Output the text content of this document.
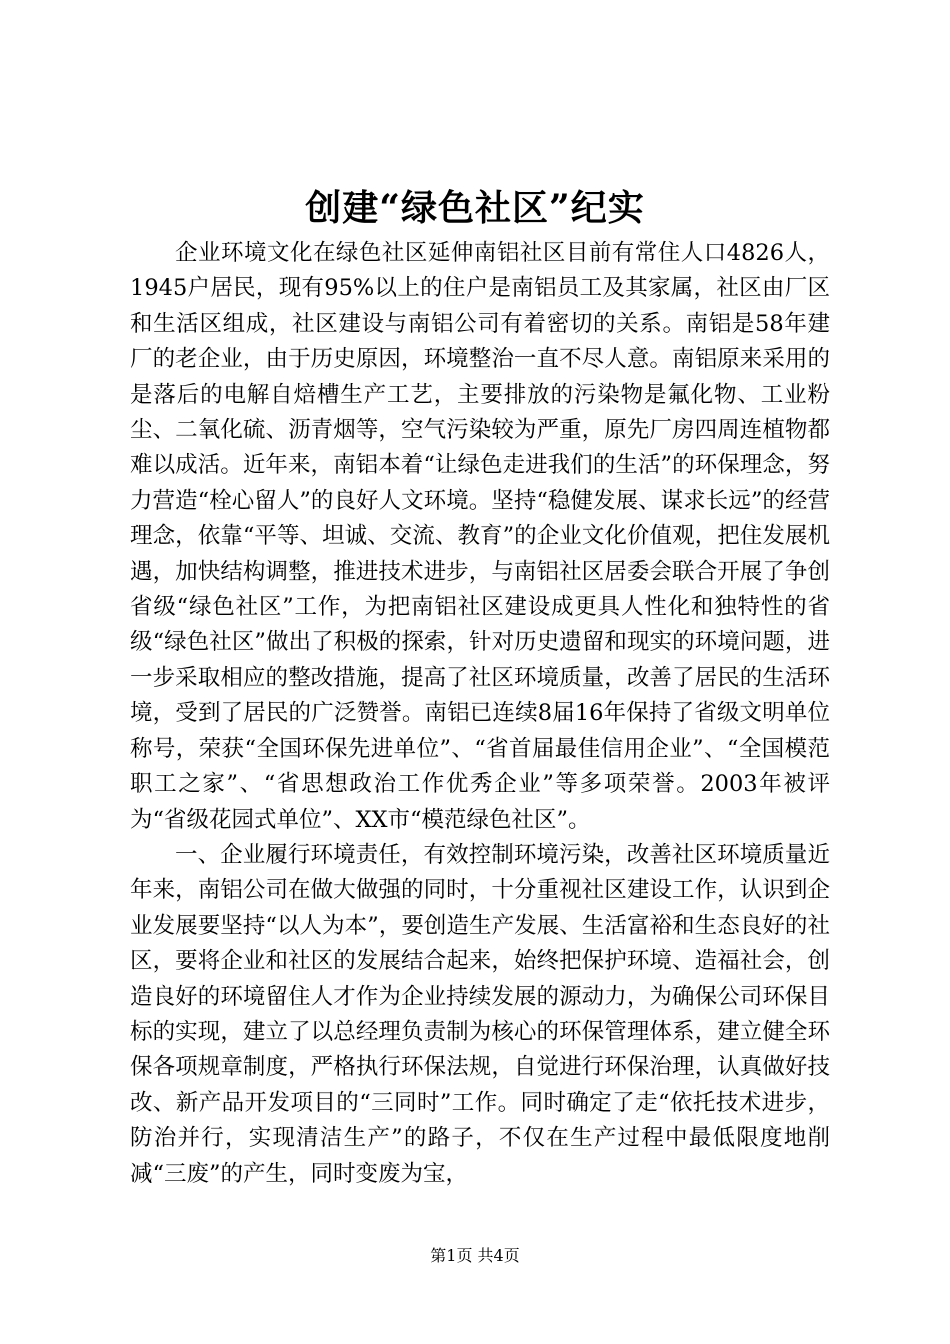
创建“绿色社区”纪实

企业环境文化在绿色社区延伸南铝社区目前有常住人口4826人，1945户居民，现有95%以上的住户是南铝员工及其家属，社区由厂区和生活区组成，社区建设与南铝公司有着密切的关系。南铝是58年建厂的老企业，由于历史原因，环境整治一直不尽人意。南铝原来采用的是落后的电解自焙槽生产工艺，主要排放的污染物是氟化物、工业粉尘、二氧化硫、沥青烟等，空气污染较为严重，原先厂房四周连植物都难以成活。近年来，南铝本着“让绿色走进我们的生活”的环保理念，努力营造“栓心留人”的良好人文环境。坚持“稳健发展、谋求长远”的经营理念，依靠“平等、坦诚、交流、教育”的企业文化价值观，把住发展机遇，加快结构调整，推进技术进步，与南铝社区居委会联合开展了争创省级“绿色社区”工作，为把南铝社区建设成更具人性化和独特性的省级“绿色社区”做出了积极的探索，针对历史遗留和现实的环境问题，进一步采取相应的整改措施，提高了社区环境质量，改善了居民的生活环境，受到了居民的广泛赞誉。南铝已连续8届16年保持了省级文明单位称号，荣获“全国环保先进单位”、“省首届最佳信用企业”、“全国模范职工之家”、“省思想政治工作优秀企业”等多项荣誉。2003年被评为“省级花园式单位”、XX市“模范绿色社区”。

一、企业履行环境责任，有效控制环境污染，改善社区环境质量近年来，南铝公司在做大做强的同时，十分重视社区建设工作，认识到企业发展要坚持“以人为本”，要创造生产发展、生活富裕和生态良好的社区，要将企业和社区的发展结合起来，始终把保护环境、造福社会，创造良好的环境留住人才作为企业持续发展的源动力，为确保公司环保目标的实现，建立了以总经理负责制为核心的环保管理体系，建立健全环保各项规章制度，严格执行环保法规，自觉进行环保治理，认真做好技改、新产品开发项目的“三同时”工作。同时确定了走“依托技术进步，防治并行，实现清洁生产”的路子，不仅在生产过程中最低限度地削减“三废”的产生，同时变废为宝，

第1页 共4页
